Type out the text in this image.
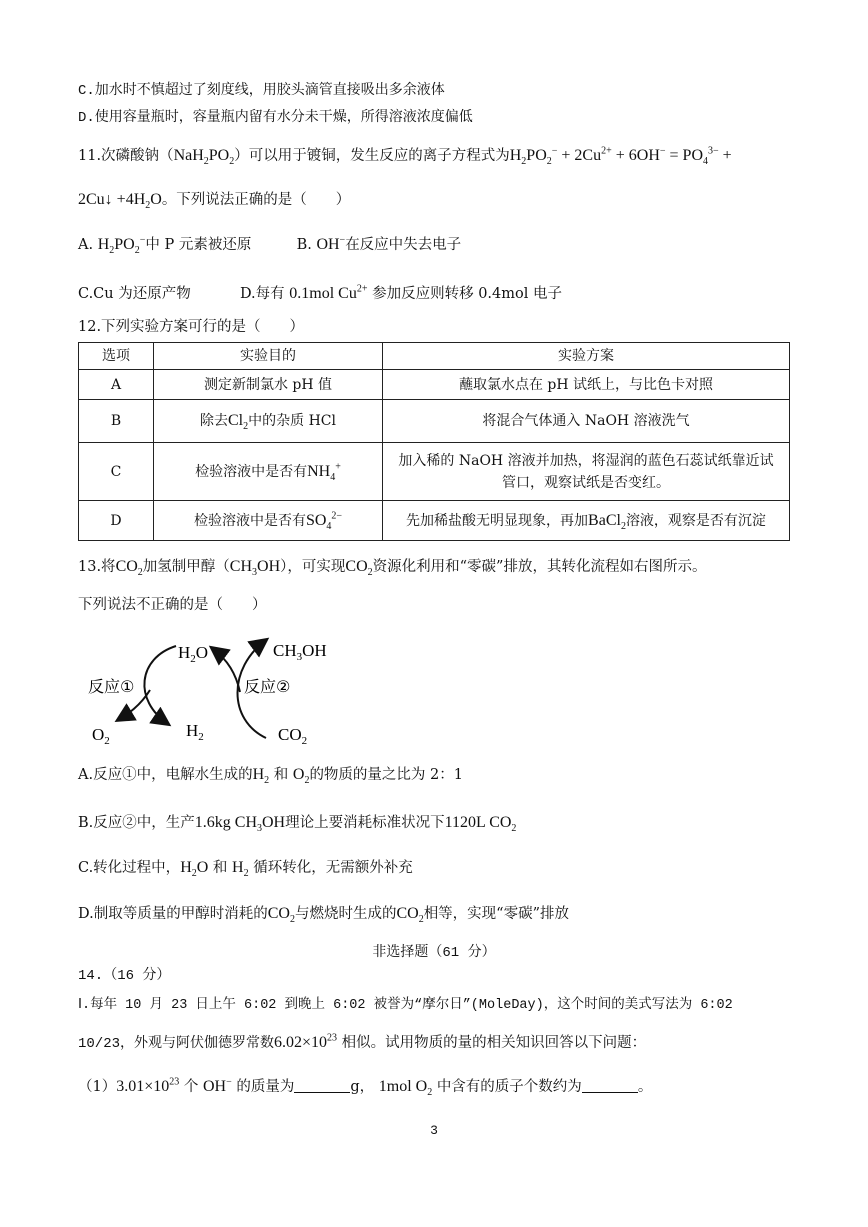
C.加水时不慎超过了刻度线，用胶头滴管直接吸出多余液体
D.使用容量瓶时，容量瓶内留有水分未干燥，所得溶液浓度偏低
11.次磷酸钠$(NaH_2PO_2)$可以用于镀铜，发生反应的离子方程式为$H_2PO_2^- + 2Cu^{2+} + 6OH^- = PO_4^{3-}$ +
2Cu↓ $+4H_2O$。下列说法正确的是（　　）
A. $H_2PO_2^-$中 P 元素被还原	B. OH−在反应中失去电子
C.Cu 为还原产物	D.每有 0.1mol $Cu^{2+}$ 参加反应则转移 0.4mol 电子
12.下列实验方案可行的是（　　）
选项	实验目的	实验方案
A	测定新制氯水 pH 值	蘸取氯水点在 pH 试纸上，与比色卡对照
B	除去$Cl_2$中的杂质 HCl	将混合气体通入 NaOH 溶液洗气
C	检验溶液中是否有$NH_4^+$	加入稀的 NaOH 溶液并加热，将湿润的蓝色石蕊试纸靠近试
管口，观察试纸是否变红。

D	检验溶液中是否有$SO_4^{2-}$	先加稀盐酸无明显现象，再加BaCl$_2$溶液，观察是否有沉淀
13.将$CO_2$加氢制甲醇$(CH_3OH)$，可实现$CO_2$资源化利用和“零碳”排放，其转化流程如右图所示。
下列说法不正确的是（　　）
$H_2O$	$CH_3OH$
反应①	反应②
$O_2$
$H_2$	$CO_2$
A.反应①中，电解水生成的$H_2$ 和 $O_2$的物质的量之比为 2：1
B.反应②中，生产1.6kg $CH_3OH$理论上要消耗标准状况下1120L $CO_2$
C.转化过程中，$H_2O$ 和 $H_2$ 循环转化，无需额外补充
D.制取等质量的甲醇时消耗的$CO_2$与燃烧时生成的$CO_2$相等，实现“零碳”排放
非选择题（61 分）
14.（16 分）
Ⅰ.每年 10 月 23 日上午 6:02 到晚上 6:02 被誉为“摩尔日”(MoleDay)，这个时间的美式写法为 6:02
10/23，外观与阿伏伽德罗常数$6.02\times 10^{23}$ 相似。试用物质的量的相关知识回答以下问题：
$(1)3.01\times 10^{23}$ 个 OH− 的质量为	g， 1mol $O_2$ 中含有的质子个数约为	。
3
